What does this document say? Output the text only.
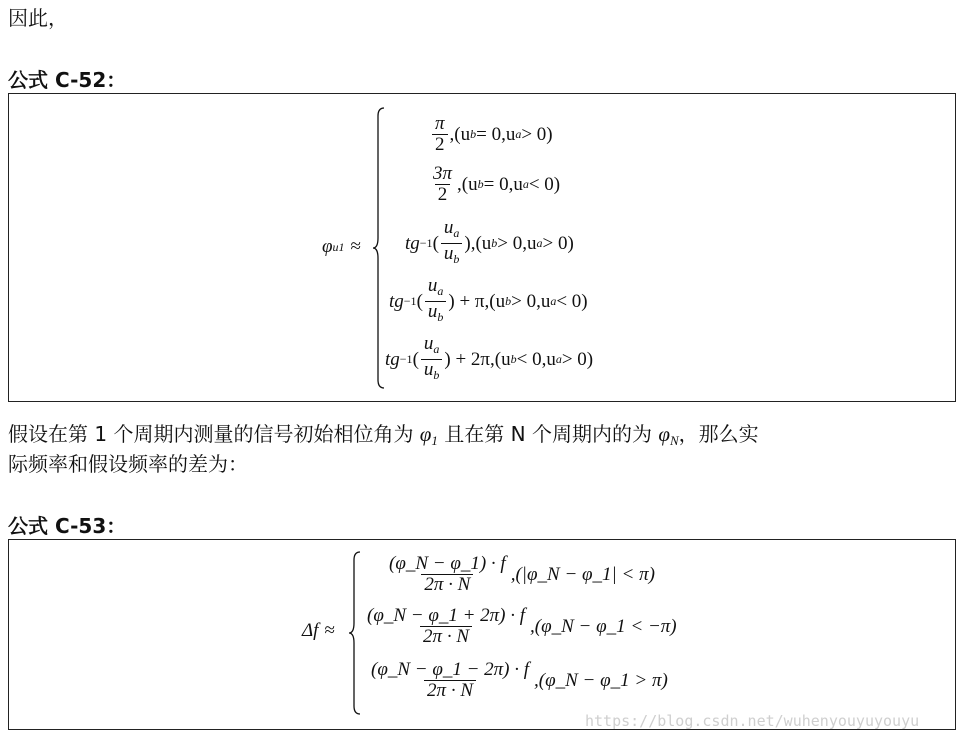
因此，
公式 C-52：
φ u1 ≈
$\frac{\pi}{2} ,(u$ b = 0,u a > 0)
$\frac{3\pi}{2} ,(u$ b = 0,u a < 0)
tg −1 ( $\frac{u_a}{u_b} ),(u$ b > 0,u a > 0)
tg −1 ( $\frac{u_a}{u_b}$ ) + π,(u b > 0,u a < 0)
tg −1 ( $\frac{u_a}{u_b}$ ) + 2π,(u b < 0,u a > 0)
假设在第 1 个周期内测量的信号初始相位角为 $\varphi_1$ 且在第 N 个周期内的为 $\varphi_N$，那么实
际频率和假设频率的差为：
公式 C-53：
Δf ≈
$\frac{(\varphi\_N - \varphi\_1) \cdot f}{2\pi \cdot N}$ ,(|φ_N − φ_1| < π)
$\frac{(\varphi\_N - \varphi\_1 + 2\pi) \cdot f}{2\pi \cdot N}$ ,(φ_N − φ_1 < −π)
$\frac{(\varphi\_N - \varphi\_1 - 2\pi) \cdot f}{2\pi \cdot N}$ ,(φ_N − φ_1 > π)
https://blog.csdn.net/wuhenyouyuyouyu
